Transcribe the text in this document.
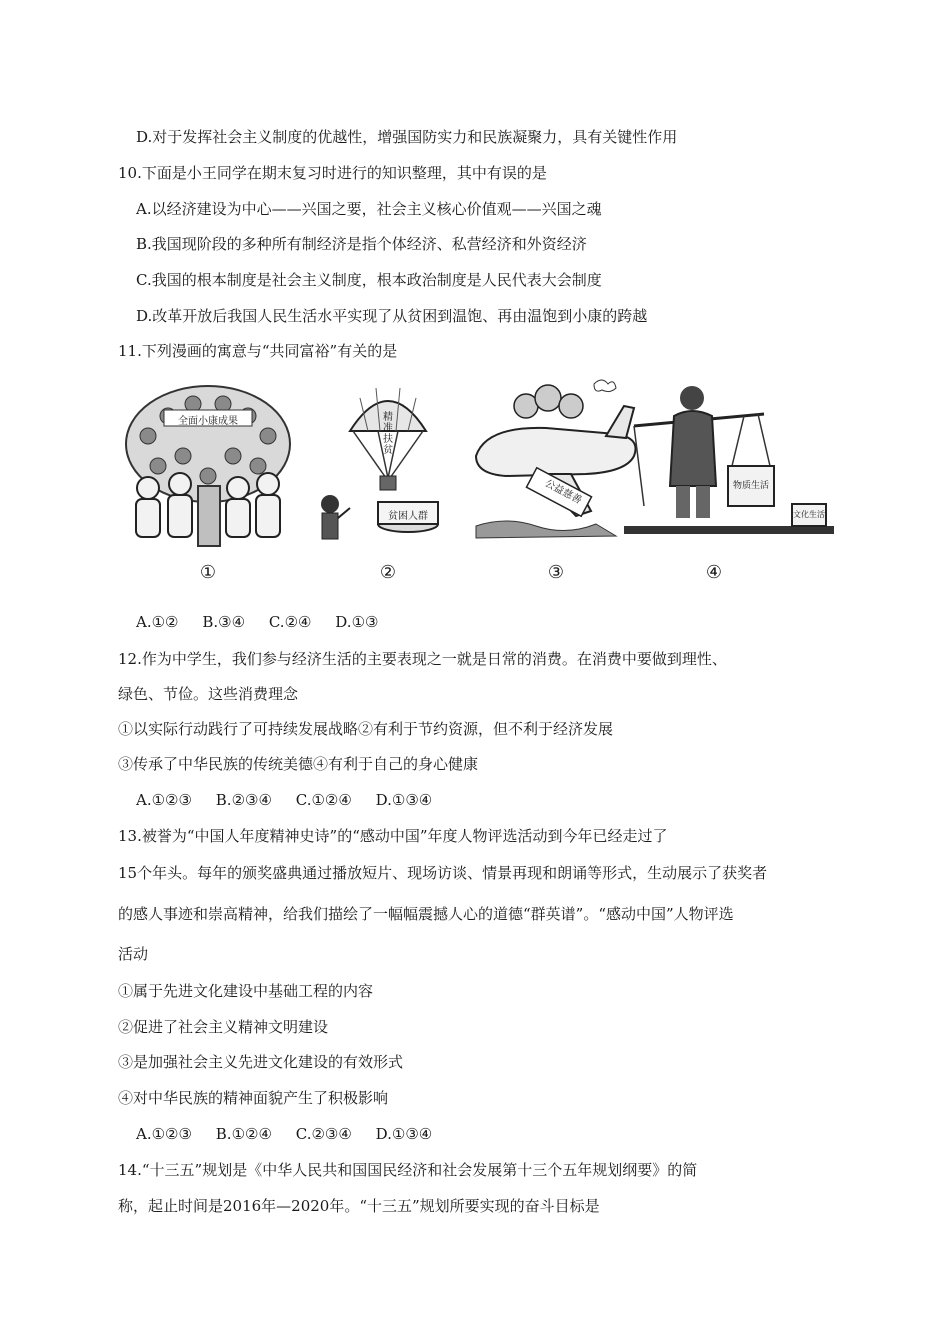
D.对于发挥社会主义制度的优越性，增强国防实力和民族凝聚力，具有关键性作用
10.下面是小王同学在期末复习时进行的知识整理，其中有误的是
A.以经济建设为中心——兴国之要，社会主义核心价值观——兴国之魂
B.我国现阶段的多种所有制经济是指个体经济、私营经济和外资经济
C.我国的根本制度是社会主义制度，根本政治制度是人民代表大会制度
D.改革开放后我国人民生活水平实现了从贫困到温饱、再由温饱到小康的跨越
11.下列漫画的寓意与“共同富裕”有关的是
全面小康成果
①
精准扶贫
贫困人群
②
公益慈善
③
物质生活
文化生活
④
A.①②     B.③④     C.②④     D.①③
12.作为中学生，我们参与经济生活的主要表现之一就是日常的消费。在消费中要做到理性、
绿色、节俭。这些消费理念
①以实际行动践行了可持续发展战略②有利于节约资源，但不利于经济发展
③传承了中华民族的传统美德④有利于自己的身心健康
A.①②③     B.②③④     C.①②④     D.①③④
13.被誉为“中国人年度精神史诗”的“感动中国”年度人物评选活动到今年已经走过了
15个年头。每年的颁奖盛典通过播放短片、现场访谈、情景再现和朗诵等形式，生动展示了获奖者
的感人事迹和崇高精神，给我们描绘了一幅幅震撼人心的道德“群英谱”。“感动中国”人物评选
活动
①属于先进文化建设中基础工程的内容
②促进了社会主义精神文明建设
③是加强社会主义先进文化建设的有效形式
④对中华民族的精神面貌产生了积极影响
A.①②③     B.①②④     C.②③④     D.①③④
14.“十三五”规划是《中华人民共和国国民经济和社会发展第十三个五年规划纲要》的简
称，起止时间是2016年—2020年。“十三五”规划所要实现的奋斗目标是
